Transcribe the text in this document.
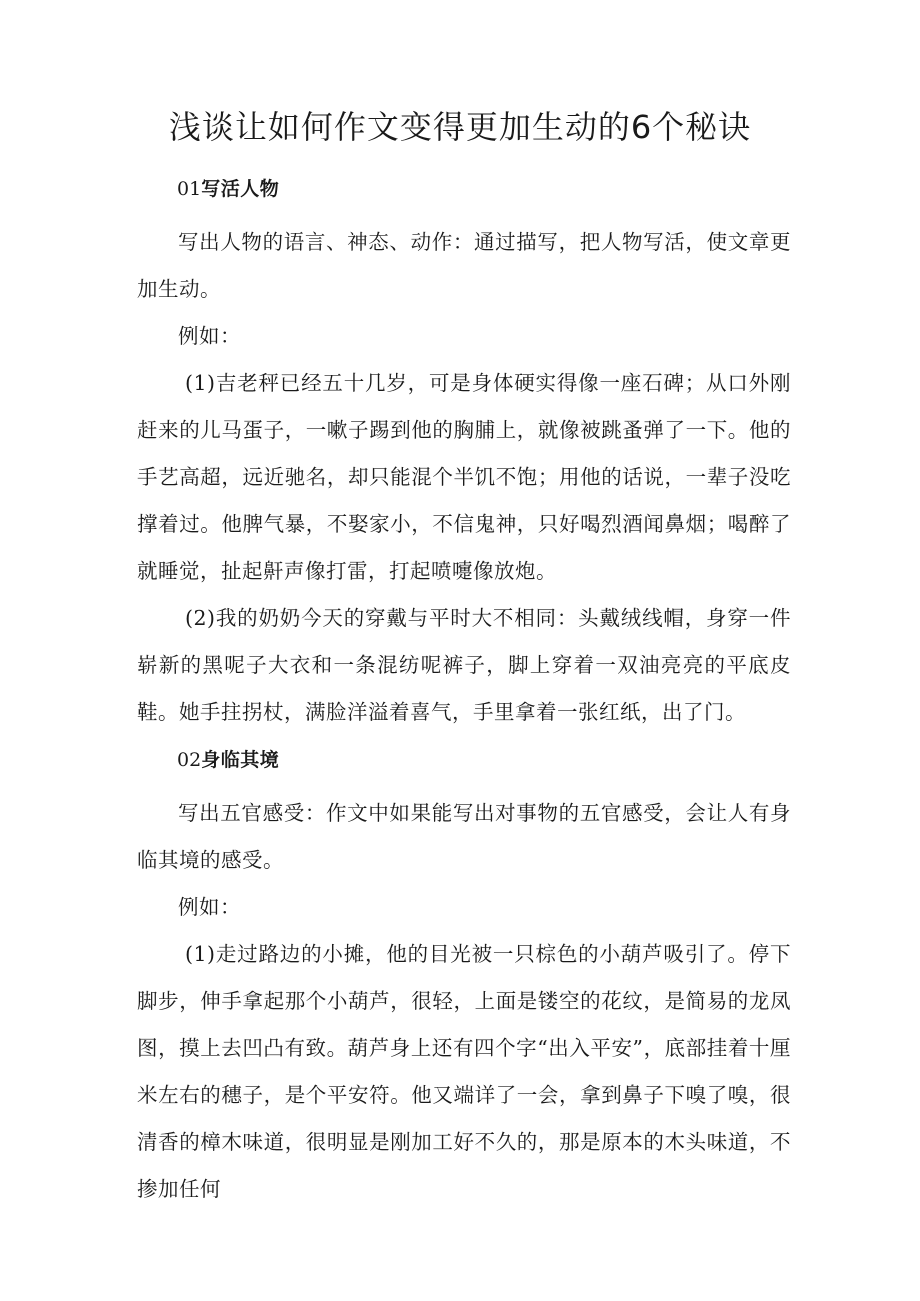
浅谈让如何作文变得更加生动的6个秘诀

01写活人物

写出人物的语言、神态、动作：通过描写，把人物写活，使文章更加生动。

例如：

(1)吉老秤已经五十几岁，可是身体硬实得像一座石碑；从口外刚赶来的儿马蛋子，一嗽子踢到他的胸脯上，就像被跳蚤弹了一下。他的手艺高超，远近驰名，却只能混个半饥不饱；用他的话说，一辈子没吃撑着过。他脾气暴，不娶家小，不信鬼神，只好喝烈酒闻鼻烟；喝醉了就睡觉，扯起鼾声像打雷，打起喷嚏像放炮。

(2)我的奶奶今天的穿戴与平时大不相同：头戴绒线帽，身穿一件崭新的黑呢子大衣和一条混纺呢裤子，脚上穿着一双油亮亮的平底皮鞋。她手拄拐杖，满脸洋溢着喜气，手里拿着一张红纸，出了门。

02身临其境

写出五官感受：作文中如果能写出对事物的五官感受，会让人有身临其境的感受。

例如：

(1)走过路边的小摊，他的目光被一只棕色的小葫芦吸引了。停下脚步，伸手拿起那个小葫芦，很轻，上面是镂空的花纹，是简易的龙凤图，摸上去凹凸有致。葫芦身上还有四个字“出入平安”，底部挂着十厘米左右的穗子，是个平安符。他又端详了一会，拿到鼻子下嗅了嗅，很清香的樟木味道，很明显是刚加工好不久的，那是原本的木头味道，不掺加任何
